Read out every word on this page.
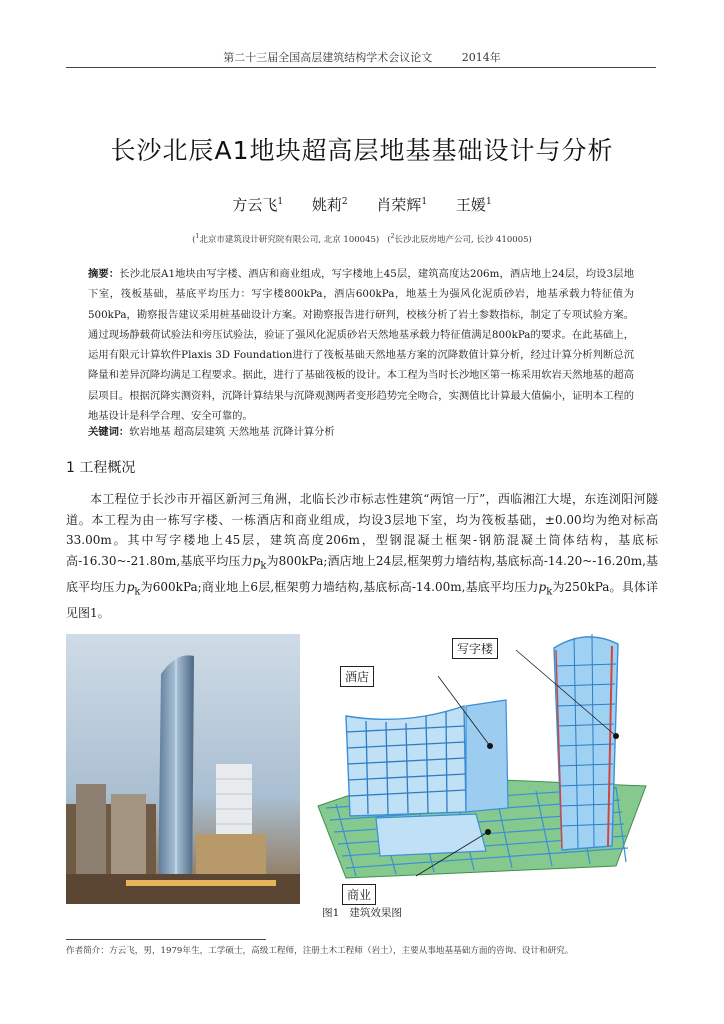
第二十三届全国高层建筑结构学术会议论文	2014年
长沙北辰A1地块超高层地基基础设计与分析
方云飞$^1$ 姚莉$^2$ 肖荣辉$^1$ 王媛$^1$
($^1$北京市建筑设计研究院有限公司, 北京 100045)   ($^2$长沙北辰房地产公司, 长沙 410005)
摘要：长沙北辰A1地块由写字楼、酒店和商业组成，写字楼地上45层，建筑高度达206m，酒店地上24层，均设3层地下室，筏板基础，基底平均压力：写字楼800kPa，酒店600kPa，地基土为强风化泥质砂岩，地基承载力特征值为500kPa，勘察报告建议采用桩基础设计方案。对勘察报告进行研判，校核分析了岩土参数指标，制定了专项试验方案。通过现场静载荷试验法和旁压试验法，验证了强风化泥质砂岩天然地基承载力特征值满足800kPa的要求。在此基础上，运用有限元计算软件Plaxis 3D Foundation进行了筏板基础天然地基方案的沉降数值计算分析，经过计算分析判断总沉降量和差异沉降均满足工程要求。据此，进行了基础筏板的设计。本工程为当时长沙地区第一栋采用软岩天然地基的超高层项目。根据沉降实测资料，沉降计算结果与沉降观测两者变形趋势完全吻合，实测值比计算最大值偏小，证明本工程的地基设计是科学合理、安全可靠的。
关键词：软岩地基 超高层建筑 天然地基 沉降计算分析
1 工程概况
本工程位于长沙市开福区新河三角洲，北临长沙市标志性建筑“两馆一厅”，西临湘江大堤，东连浏阳河隧道。本工程为由一栋写字楼、一栋酒店和商业组成，均设3层地下室，均为筏板基础，±0.00均为绝对标高33.00m。其中写字楼地上45层，建筑高度206m，型钢混凝土框架-钢筋混凝土筒体结构，基底标高-16.30~-21.80m,基底平均压力$p_k$为800kPa;酒店地上24层,框架剪力墙结构,基底标高-14.20~-16.20m,基底平均压力$p_k$为600kPa;商业地上6层,框架剪力墙结构,基底标高-14.00m,基底平均压力$p_k$为250kPa。具体详见图1。
写字楼
酒店
商业
图1 建筑效果图
作者简介：方云飞，男，1979年生，工学硕士，高级工程师，注册土木工程师（岩土），主要从事地基基础方面的咨询、设计和研究。
